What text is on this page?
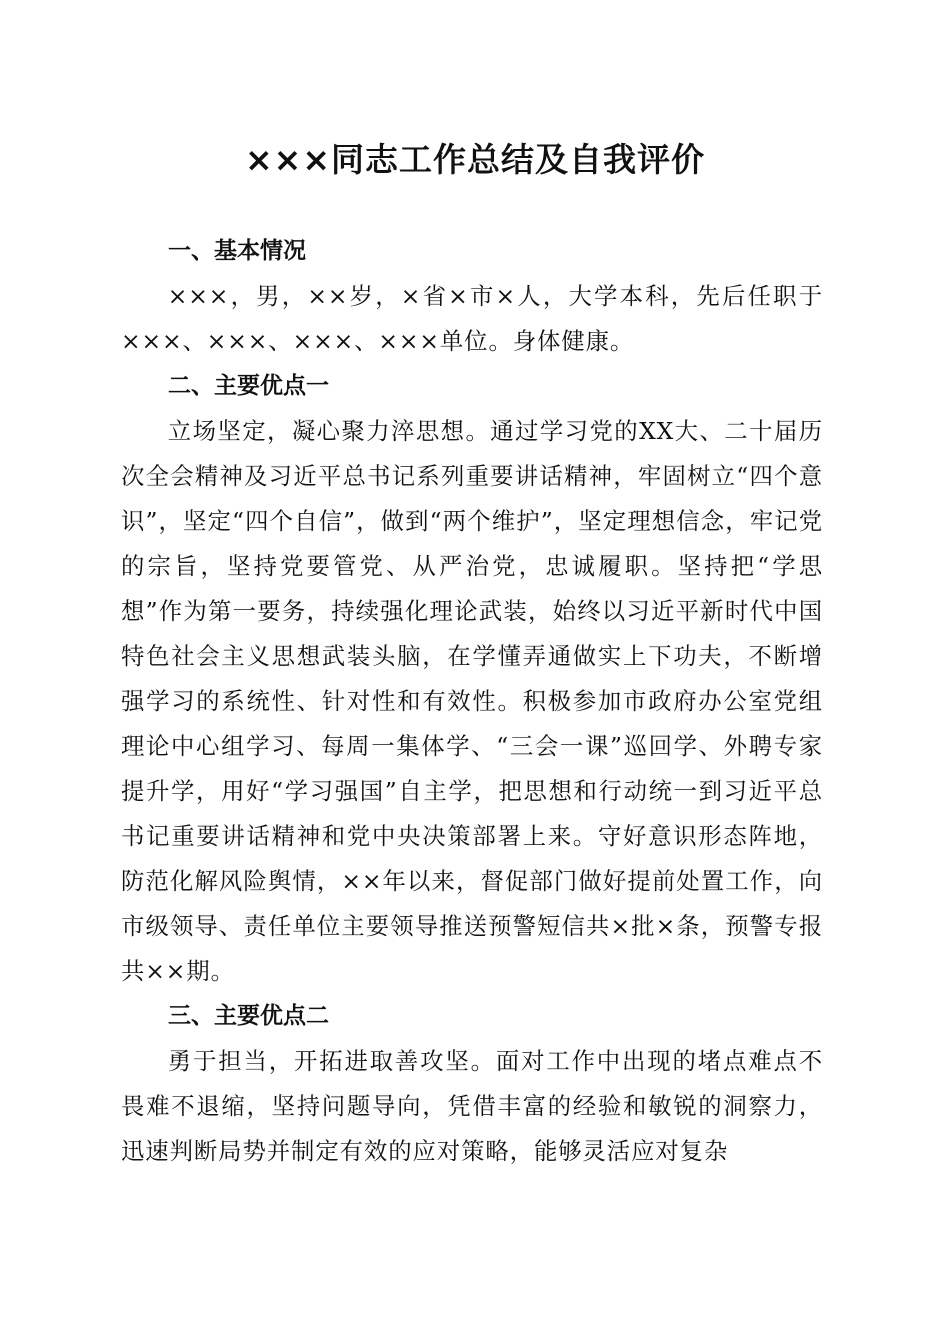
×××同志工作总结及自我评价

一、基本情况

×××，男，××岁，×省×市×人，大学本科，先后任职于×××、×××、×××、×××单位。身体健康。

二、主要优点一

立场坚定，凝心聚力淬思想。通过学习党的XX大、二十届历次全会精神及习近平总书记系列重要讲话精神，牢固树立“四个意识”，坚定“四个自信”，做到“两个维护”，坚定理想信念，牢记党的宗旨，坚持党要管党、从严治党，忠诚履职。坚持把“学思想”作为第一要务，持续强化理论武装，始终以习近平新时代中国特色社会主义思想武装头脑，在学懂弄通做实上下功夫，不断增强学习的系统性、针对性和有效性。积极参加市政府办公室党组理论中心组学习、每周一集体学、“三会一课”巡回学、外聘专家提升学，用好“学习强国”自主学，把思想和行动统一到习近平总书记重要讲话精神和党中央决策部署上来。守好意识形态阵地，防范化解风险舆情，××年以来，督促部门做好提前处置工作，向市级领导、责任单位主要领导推送预警短信共×批×条，预警专报共××期。

三、主要优点二

勇于担当，开拓进取善攻坚。面对工作中出现的堵点难点不畏难不退缩，坚持问题导向，凭借丰富的经验和敏锐的洞察力，迅速判断局势并制定有效的应对策略，能够灵活应对复杂
